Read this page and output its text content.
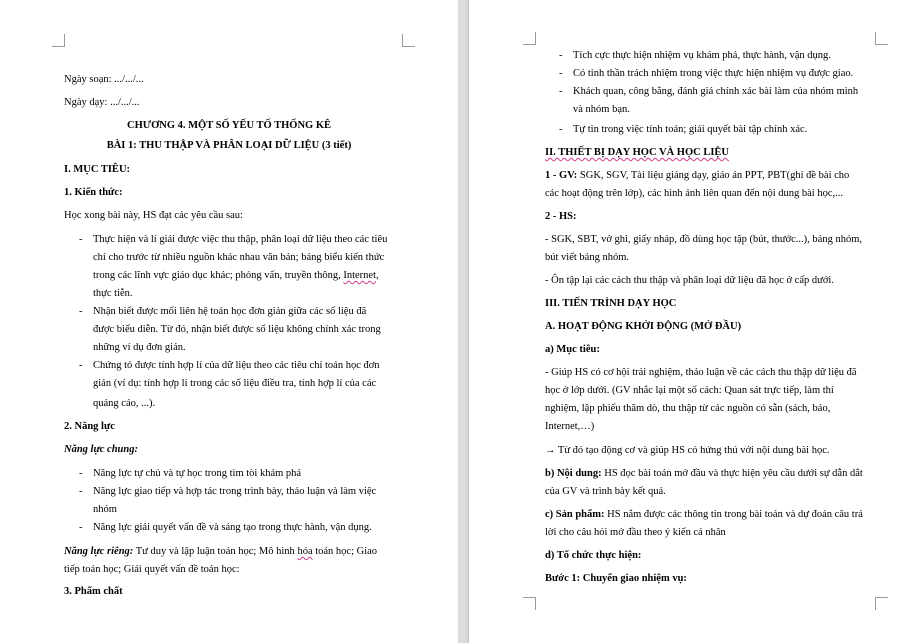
Ngày soạn: .../.../...
Ngày dạy: .../.../...
CHƯƠNG 4. MỘT SỐ YẾU TỐ THỐNG KÊ
BÀI 1: THU THẬP VÀ PHÂN LOẠI DỮ LIỆU (3 tiết)
I. MỤC TIÊU:
1. Kiến thức:
Học xong bài này, HS đạt các yêu cầu sau:
- Thực hiện và lí giải được việc thu thập, phân loại dữ liệu theo các tiêu
chí cho trước từ nhiều nguồn khác nhau văn bản; bảng biểu kiến thức
trong các lĩnh vực giáo dục khác; phỏng vấn, truyền thông, Internet,
thực tiễn.
- Nhận biết được mối liên hệ toán học đơn giản giữa các số liệu đã
được biểu diễn. Từ đó, nhận biết được số liệu không chính xác trong
những ví dụ đơn giản.
- Chứng tỏ được tính hợp lí của dữ liệu theo các tiêu chí toán học đơn
giản (ví dụ: tính hợp lí trong các số liệu điều tra, tính hợp lí của các
quảng cáo, ...).
2. Năng lực
Năng lực chung:
- Năng lực tự chủ và tự học trong tìm tòi khám phá
- Năng lực giao tiếp và hợp tác trong trình bày, thảo luận và làm việc
nhóm
- Năng lực giải quyết vấn đề và sáng tạo trong thực hành, vận dụng.
Năng lực riêng: Tư duy và lập luận toán học; Mô hình hóa toán học; Giao
tiếp toán học; Giải quyết vấn đề toán học:
3. Phẩm chất
- Tích cực thực hiện nhiệm vụ khám phá, thực hành, vận dụng.
- Có tinh thần trách nhiệm trong việc thực hiện nhiệm vụ được giao.
- Khách quan, công bằng, đánh giá chính xác bài làm của nhóm mình
và nhóm bạn.
- Tự tin trong việc tính toán; giải quyết bài tập chính xác.
II. THIẾT BỊ DẠY HỌC VÀ HỌC LIỆU
1 - GV: SGK, SGV, Tài liệu giảng dạy, giáo án PPT, PBT(ghi đề bài cho
các hoạt động trên lớp), các hình ảnh liên quan đến nội dung bài học,...
2 - HS:
- SGK, SBT, vở ghi, giấy nháp, đồ dùng học tập (bút, thước...), bảng nhóm,
bút viết bảng nhóm.
- Ôn tập lại các cách thu thập và phân loại dữ liệu đã học ở cấp dưới.
III. TIẾN TRÌNH DẠY HỌC
A. HOẠT ĐỘNG KHỞI ĐỘNG (MỞ ĐẦU)
a) Mục tiêu:
- Giúp HS có cơ hội trải nghiệm, thảo luận về các cách thu thập dữ liệu đã
học ở lớp dưới. (GV nhắc lại một số cách: Quan sát trực tiếp, làm thí
nghiệm, lập phiếu thăm dò, thu thập từ các nguồn có sẵn (sách, báo,
Internet,…)
→ Từ đó tạo động cơ và giúp HS có hứng thú với nội dung bài học.
b) Nội dung: HS đọc bài toán mở đầu và thực hiện yêu cầu dưới sự dẫn dắt
của GV và trình bày kết quả.
c) Sản phẩm: HS nắm được các thông tin trong bài toán và dự đoán câu trả
lời cho câu hỏi mở đầu theo ý kiến cá nhân
d) Tổ chức thực hiện:
Bước 1: Chuyển giao nhiệm vụ:
